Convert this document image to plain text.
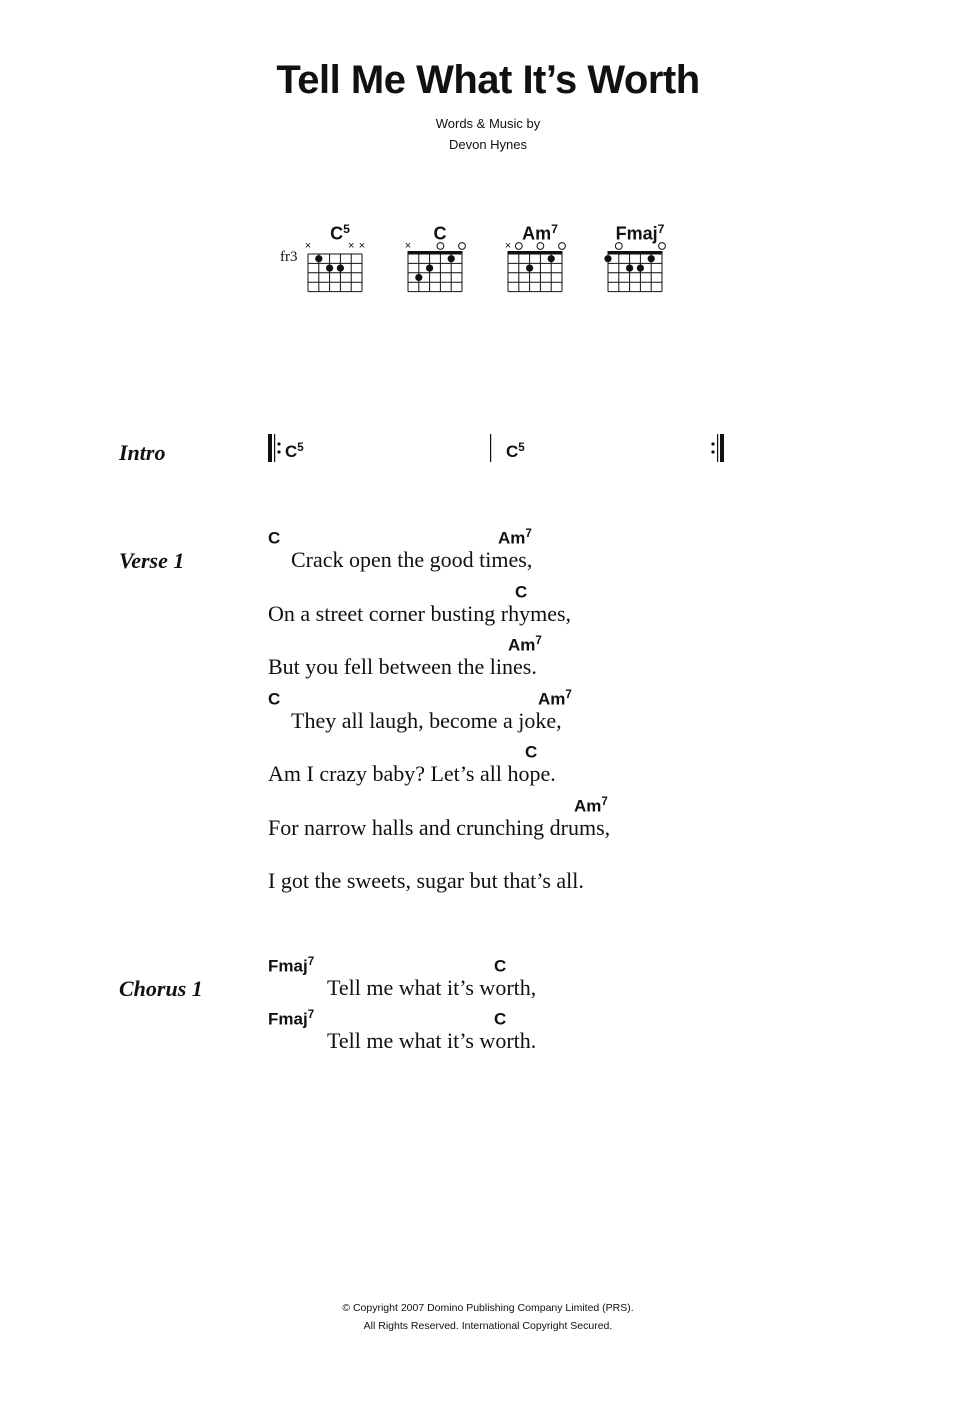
Tell Me What It’s Worth
Words & Music by
Devon Hynes
$C^5$
fr3
×	× ×
C
×
$Am^7$
×
Fmaj$^7$
Intro	$C^5$	$C^5$
Verse 1
C	Am$^7$
Crack open the good times,
C
On a street corner busting rhymes,
Am$^7$
But you fell between the lines.
C	Am$^7$
They all laugh, become a joke,
C
Am I crazy baby? Let’s all hope.
Am$^7$
For narrow halls and crunching drums,
I got the sweets, sugar but that’s all.
Chorus 1
Fmaj$^7$	C
Tell me what it’s worth,
Fmaj$^7$	C
Tell me what it’s worth.
© Copyright 2007 Domino Publishing Company Limited (PRS).
All Rights Reserved. International Copyright Secured.
